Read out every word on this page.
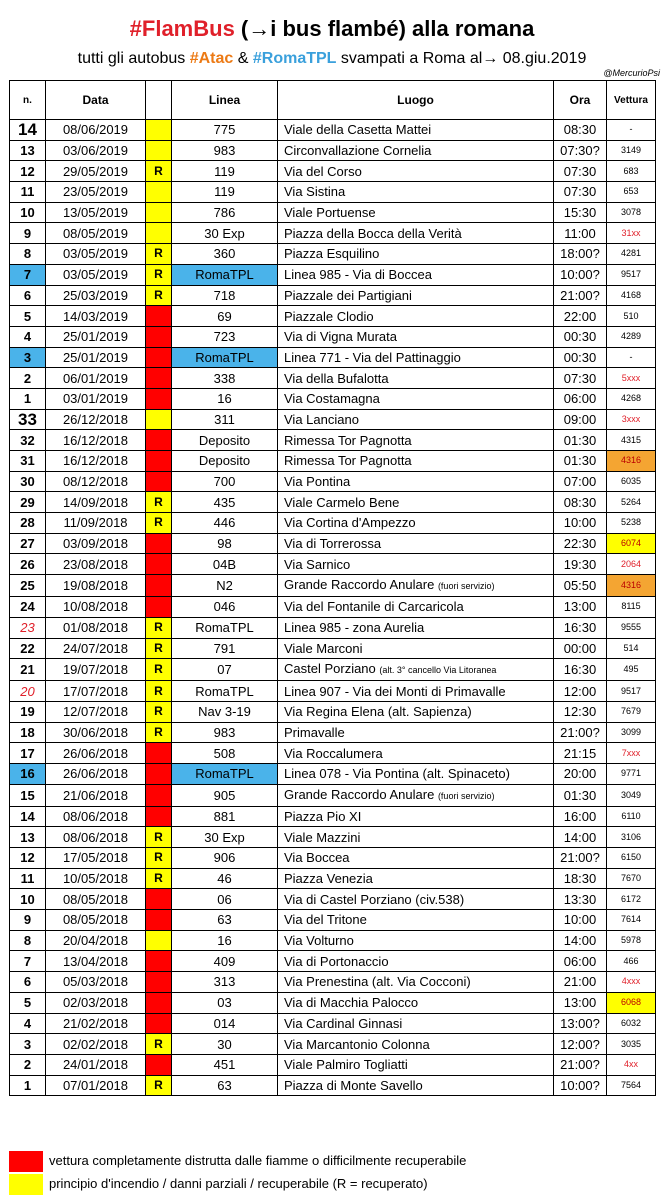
#FlamBus (→i bus flambé) alla romana
tutti gli autobus #Atac & #RomaTPL svampati a Roma al→ 08.giu.2019
@MercurioPsi
n.	Data		Linea	Luogo	Ora	Vettura
14	08/06/2019		775	Viale della Casetta Mattei	08:30	-
13	03/06/2019		983	Circonvallazione Cornelia	07:30?	3149
12	29/05/2019	R	119	Via del Corso	07:30	683
11	23/05/2019		119	Via Sistina	07:30	653
10	13/05/2019		786	Viale Portuense	15:30	3078
9	08/05/2019		30 Exp	Piazza della Bocca della Verità	11:00	31xx
8	03/05/2019	R	360	Piazza Esquilino	18:00?	4281
7	03/05/2019	R	RomaTPL	Linea 985 - Via di Boccea	10:00?	9517
6	25/03/2019	R	718	Piazzale dei Partigiani	21:00?	4168
5	14/03/2019		69	Piazzale Clodio	22:00	510
4	25/01/2019		723	Via di Vigna Murata	00:30	4289
3	25/01/2019		RomaTPL	Linea 771 - Via del Pattinaggio	00:30	-
2	06/01/2019		338	Via della Bufalotta	07:30	5xxx
1	03/01/2019		16	Via Costamagna	06:00	4268
33	26/12/2018		311	Via Lanciano	09:00	3xxx
32	16/12/2018		Deposito	Rimessa Tor Pagnotta	01:30	4315
31	16/12/2018		Deposito	Rimessa Tor Pagnotta	01:30	4316
30	08/12/2018		700	Via Pontina	07:00	6035
29	14/09/2018	R	435	Viale Carmelo Bene	08:30	5264
28	11/09/2018	R	446	Via Cortina d'Ampezzo	10:00	5238
27	03/09/2018		98	Via di Torrerossa	22:30	6074
26	23/08/2018		04B	Via Sarnico	19:30	2064
25	19/08/2018		N2	Grande Raccordo Anulare (fuori servizio)	05:50	4316
24	10/08/2018		046	Via del Fontanile di Carcaricola	13:00	8115
23	01/08/2018	R	RomaTPL	Linea 985 - zona Aurelia	16:30	9555
22	24/07/2018	R	791	Viale Marconi	00:00	514
21	19/07/2018	R	07	Castel Porziano (alt. 3° cancello Via Litoranea	16:30	495
20	17/07/2018	R	RomaTPL	Linea 907 - Via dei Monti di Primavalle	12:00	9517
19	12/07/2018	R	Nav 3-19	Via Regina Elena (alt. Sapienza)	12:30	7679
18	30/06/2018	R	983	Primavalle	21:00?	3099
17	26/06/2018		508	Via Roccalumera	21:15	7xxx
16	26/06/2018		RomaTPL	Linea 078 - Via Pontina (alt. Spinaceto)	20:00	9771
15	21/06/2018		905	Grande Raccordo Anulare (fuori servizio)	01:30	3049
14	08/06/2018		881	Piazza Pio XI	16:00	6110
13	08/06/2018	R	30 Exp	Viale Mazzini	14:00	3106
12	17/05/2018	R	906	Via Boccea	21:00?	6150
11	10/05/2018	R	46	Piazza Venezia	18:30	7670
10	08/05/2018		06	Via di Castel Porziano (civ.538)	13:30	6172
9	08/05/2018		63	Via del Tritone	10:00	7614
8	20/04/2018		16	Via Volturno	14:00	5978
7	13/04/2018		409	Via di Portonaccio	06:00	466
6	05/03/2018		313	Via Prenestina (alt. Via Cocconi)	21:00	4xxx
5	02/03/2018		03	Via di Macchia Palocco	13:00	6068
4	21/02/2018		014	Via Cardinal Ginnasi	13:00?	6032
3	02/02/2018	R	30	Via Marcantonio Colonna	12:00?	3035
2	24/01/2018		451	Viale Palmiro Togliatti	21:00?	4xx
1	07/01/2018	R	63	Piazza di Monte Savello	10:00?	7564
vettura completamente distrutta dalle fiamme o difficilmente recuperabile
principio d'incendio / danni parziali / recuperabile (R = recuperato)
